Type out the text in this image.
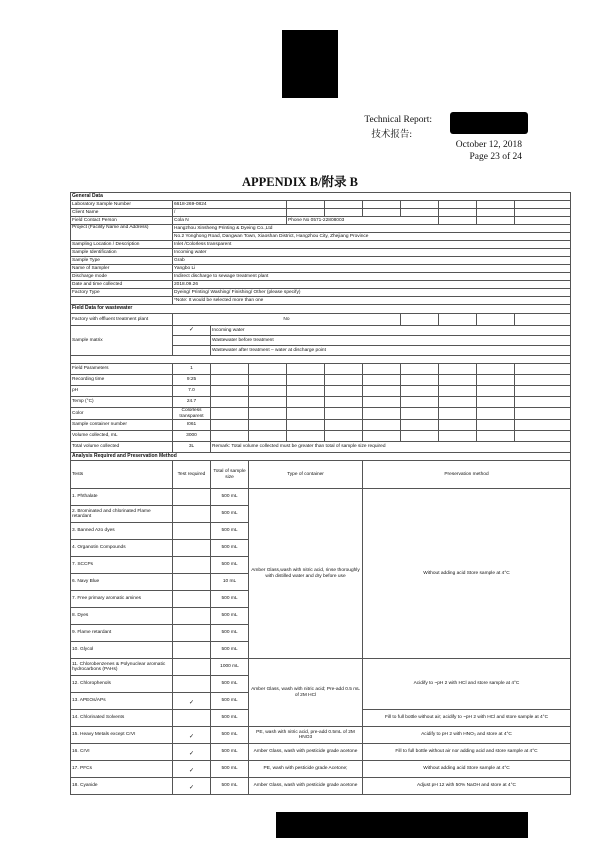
Technical Report:
技术报告:
October 12, 2018
Page 23 of 24
APPENDIX B/附录 B
General Data										
Laboratory Sample Number	6618-269-0824									
Client Name	/									
Field Contact Person	Cola N			Phone No 0571-22808003						
Project (Facility Name and Address)	Hangzhou Xinsheng Printing & Dyeing Co.,Ltd									
	No.2 Yonghong Road, Dangwan Town, Xiaoshan District, Hangzhou City, Zhejiang Province									
Sampling Location / Description	Inlet /Colorless transparent									
Sample Identification	Incoming water									
Sample Type	Grab									
Name of Sampler	Yangbo Li									
Discharge mode	Indirect discharge to sewage treatment plant									
Date and time collected	2018.09.26									
Factory Type	Dyeing/ Printing/ Washing/ Finishing/ Other (please specify)									
	*Note: It would be selected more than one									
Field Data for wastewater										
Factory with effluent treatment plant	No									
Sample matrix	✓	Incoming water								
		Wastewater before treatment								
		Wastewater after treatment – water at discharge point								

Field Parameters	1									
Recording time	9:25									
pH	7.0									
Temp (°C)	24.7									
Color	Colorless transparent									
Sample container number	I061									
Volume collected, mL	3000									
Total volume collected	3L	Remark: Total volume collected must be greater than total of sample size required								
Analysis Required and Preservation Method										
Tests	Test required	Total of sample size	Type of container			Preservation method				
1. Phthalate		500 mL	Amber Glass,wash with nitric acid, rinse thoroughly with distilled water and dry before use			Without adding acid Store sample at 4°C				
2. Brominated and chlorinated Flame retardant		500 mL								
3. Banned Azo dyes		500 mL								
4. Organotin Compounds		500 mL								
7. SCCPs		500 mL								
6. Navy Blue		10 mL								
7. Free primary aromatic amines		500 mL								
8. Dyes		500 mL								
9. Flame retardant		500 mL								
10. Glycol		500 mL								
11. Chlorobenzenes & Polynuclear aromatic hydrocarbons (PAHs)		1000 mL	Amber Glass, wash with nitric acid; Pre-add 0.5 mL of 2M HCl			Acidify to ~pH 2 with HCl and store sample at 4°C				
12. Chlorophenols		500 mL								
13. APEOs/APs	✓	500 mL								
14. Chlorinated Solvents		500 mL				Fill to full bottle without air; acidify to ~pH 2 with HCl and store sample at 4°C				
15. Heavy Metals except CrVI	✓	500 mL	PE, wash with nitric acid, pre-add 0.5mL of 2M HNO3			Acidify to pH 2 with HNO₃ and store at 4°C				
16. CrVI	✓	500 mL	Amber Glass, wash with pesticide grade acetone			Fill to full bottle without air nor adding acid and store sample at 4°C				
17. PFCs	✓	500 mL	PE, wash with pesticide grade Acetone;			Without adding acid Store sample at 4°C				
18. Cyanide	✓	500 mL	Amber Glass, wash with pesticide grade acetone			Adjust pH 12 with 50% NaOH and store at 4°C				
